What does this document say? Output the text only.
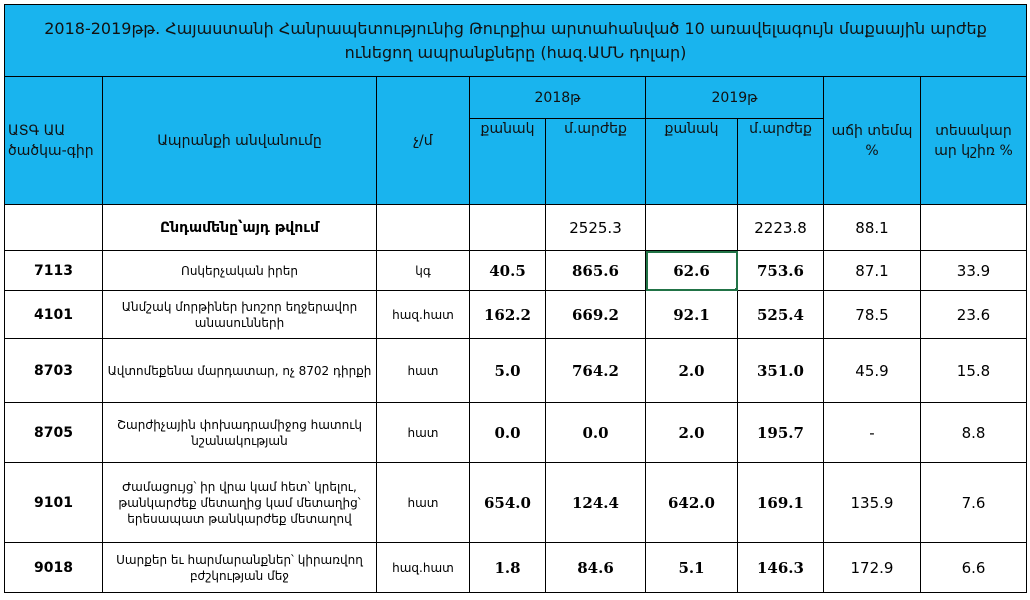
2018-2019թթ. Հայաստանի Հանրապետությունից Թուրքիա արտահանված 10 առավելագույն մաքսային արժեք ունեցող ապրանքները (հազ.ԱՄՆ դոլար)								
ԱՏԳ ԱԱ ծածկա-գիր	Ապրանքի անվանումը	չ/մ	2018թ		2019թ		աճի տեմպ %	տեսակար ար կշիռ %
			քանակ	մ.արժեք	քանակ	մ.արժեք		
	Ընդամենը՝այդ թվում			2525.3		2223.8	88.1	
7113	Ոսկերչական իրեր	կգ	40.5	865.6	62.6	753.6	87.1	33.9
4101	Անմշակ մորթիներ խոշոր եղջերավոր անասունների	հազ.հատ	162.2	669.2	92.1	525.4	78.5	23.6
8703	Ավտոմեքենա մարդատար, ոչ 8702 դիրքի	հատ	5.0	764.2	2.0	351.0	45.9	15.8
8705	Շարժիչային փոխադրամիջոց հատուկ նշանակության	հատ	0.0	0.0	2.0	195.7	-	8.8
9101	Ժամացույց՝ իր վրա կամ հետ՝ կրելու, թանկարժեք մետաղից կամ մետաղից՝ երեսապատ թանկարժեք մետաղով	հատ	654.0	124.4	642.0	169.1	135.9	7.6
9018	Սարքեր եւ հարմարանքներ՝ կիրառվող բժշկության մեջ	հազ.հատ	1.8	84.6	5.1	146.3	172.9	6.6
